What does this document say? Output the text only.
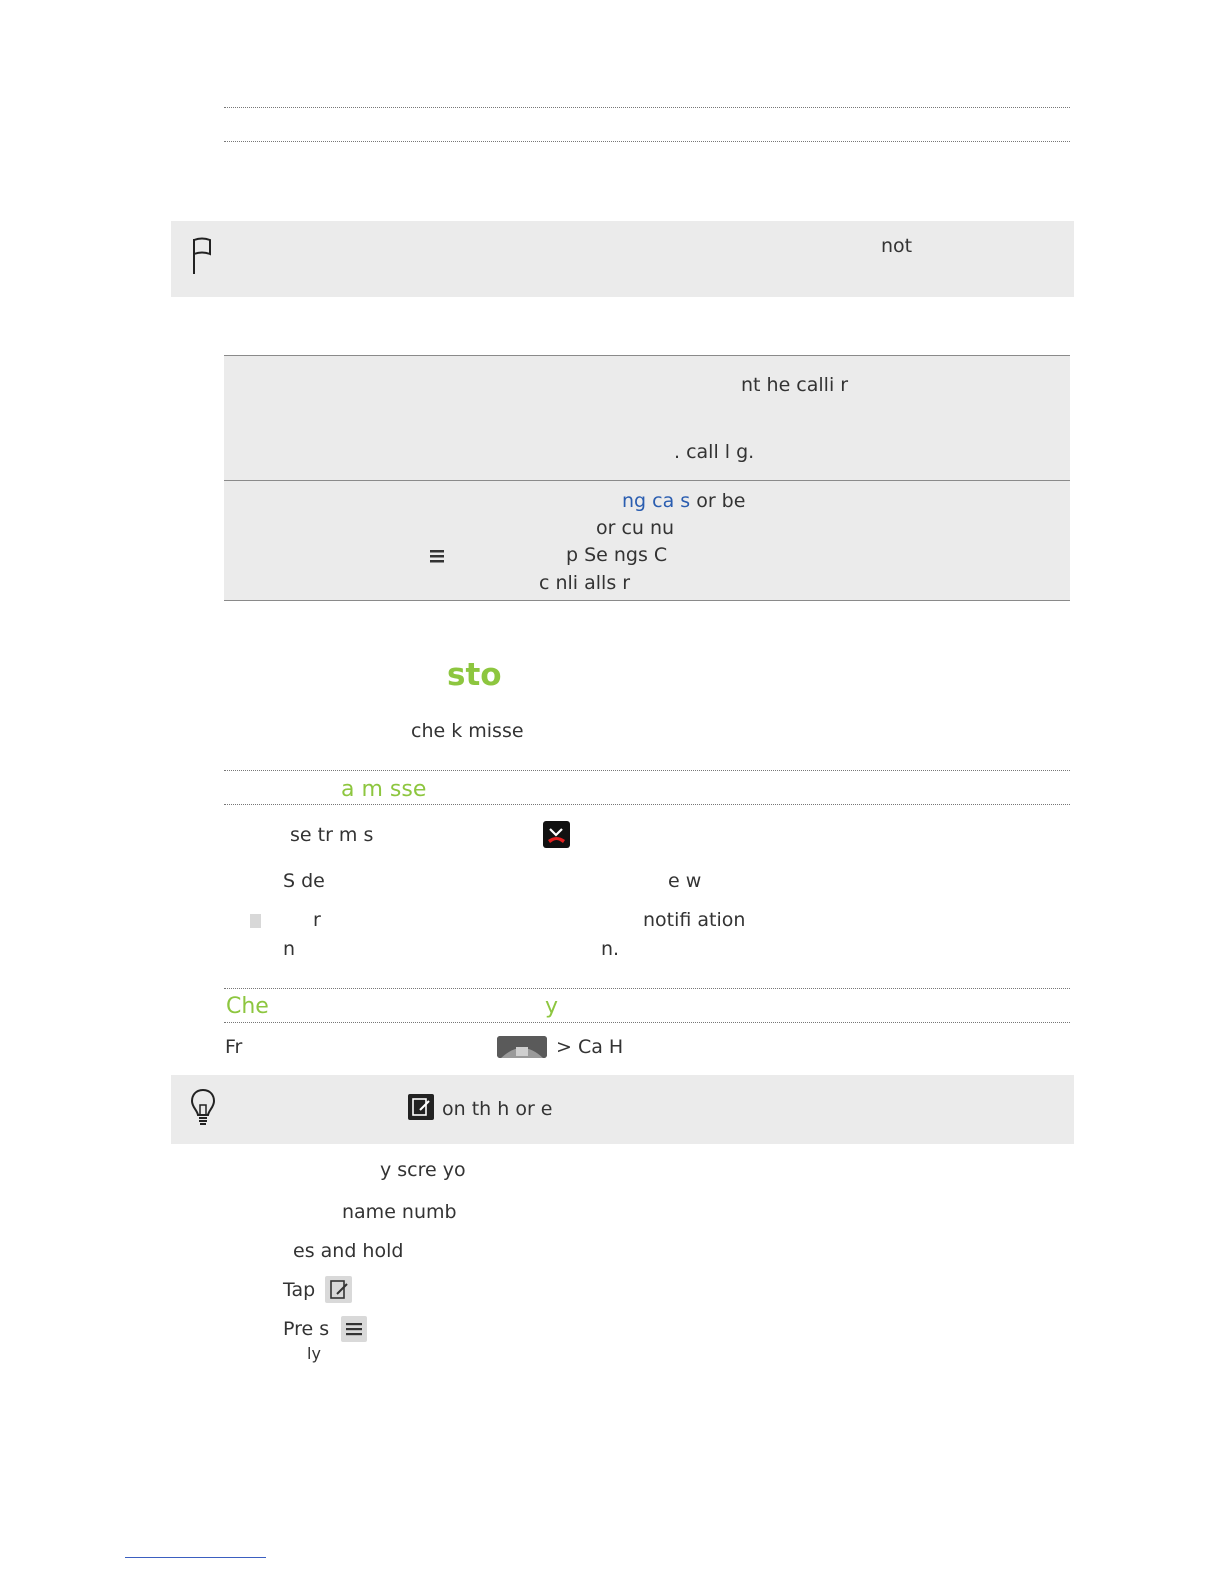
not
nt he calli r
. call l g.
ng ca s or be
or cu nu
p Se ngs C
c nli alls r
sto
che k misse
a m sse
se tr m s
S de	e w
r	notifi ation
n	n.
Che	y
Fr	> Ca H
on th h or e
y scre yo
name numb
es and hold
Tap
Pre s
ly
